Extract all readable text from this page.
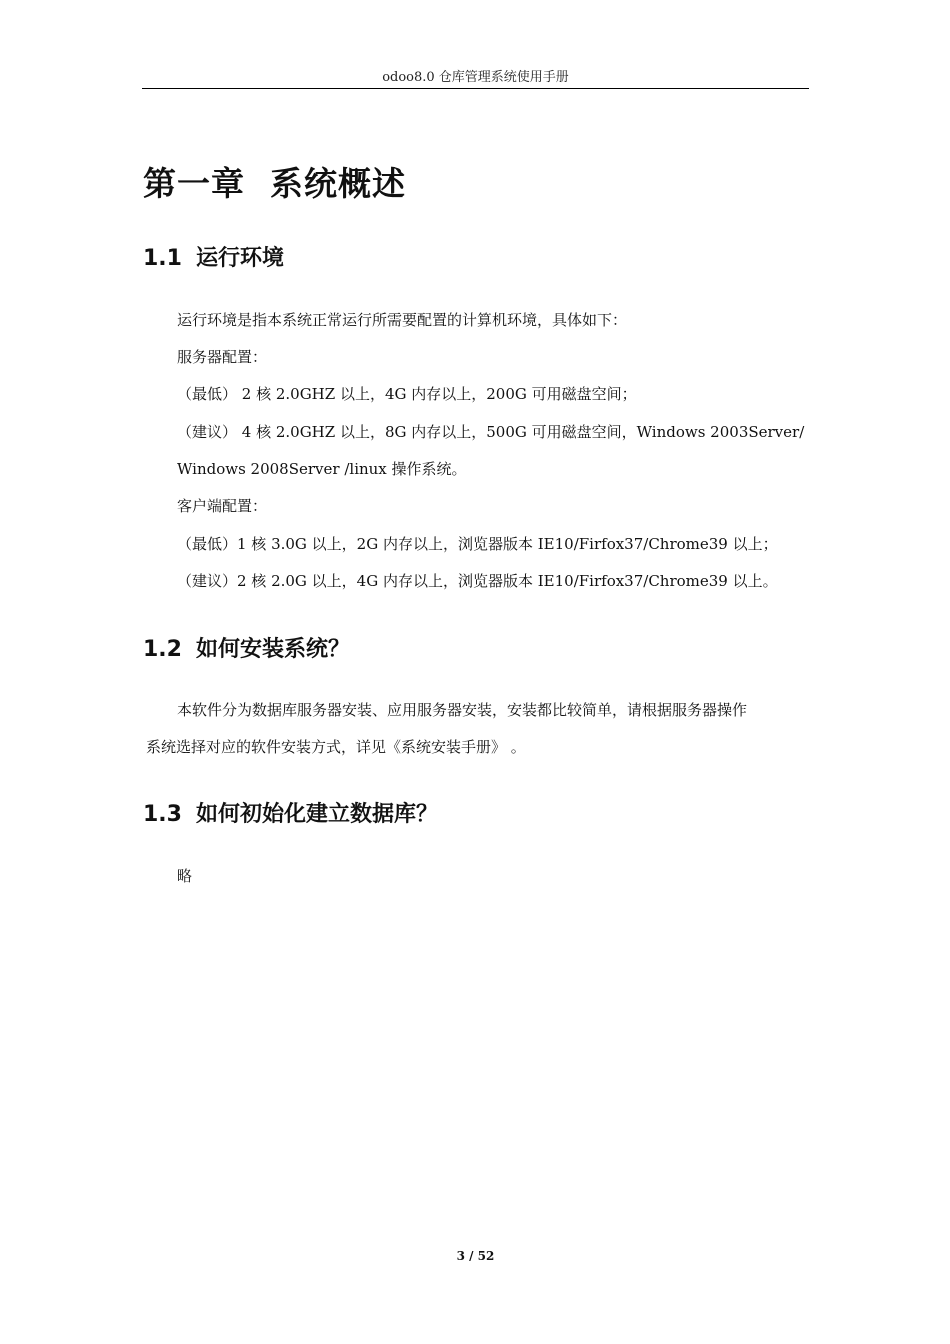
odoo8.0 仓库管理系统使用手册
第一章  系统概述
1.1 运行环境

运行环境是指本系统正常运行所需要配置的计算机环境，具体如下：

服务器配置：

（最低） 2 核 2.0GHZ 以上，4G 内存以上，200G 可用磁盘空间；

（建议） 4 核 2.0GHZ 以上，8G 内存以上，500G 可用磁盘空间，Windows 2003Server/

Windows 2008Server /linux 操作系统。

客户端配置：

（最低）1 核 3.0G 以上，2G 内存以上，浏览器版本 IE10/Firfox37/Chrome39 以上；

（建议）2 核 2.0G 以上，4G 内存以上，浏览器版本 IE10/Firfox37/Chrome39 以上。

1.2 如何安装系统？

本软件分为数据库服务器安装、应用服务器安装，安装都比较简单，请根据服务器操作

系统选择对应的软件安装方式，详见《系统安装手册》 。

1.3 如何初始化建立数据库？

略

3 / 52
